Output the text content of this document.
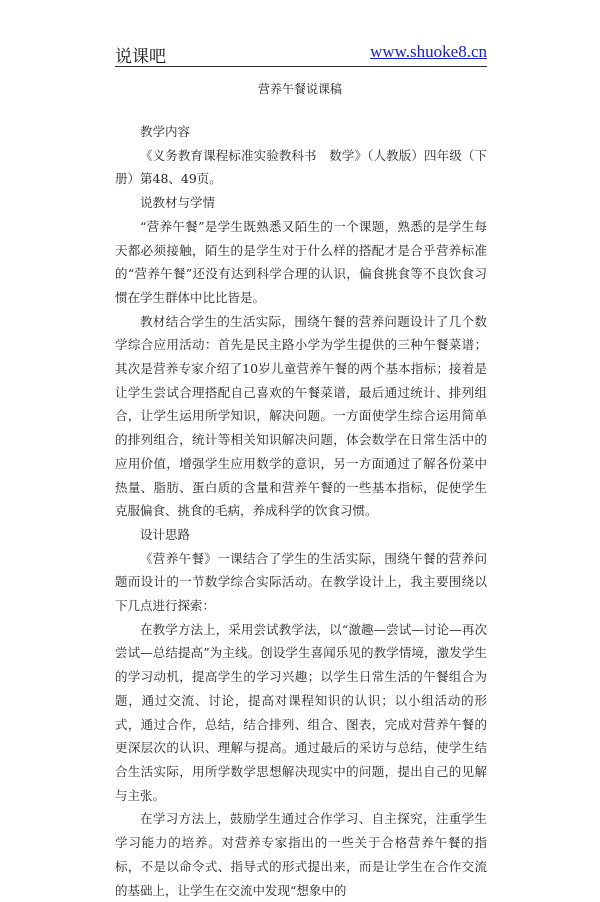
说课吧	www.shuoke8.cn
营养午餐说课稿

教学内容

《义务教育课程标准实验教科书　数学》（人教版）四年级（下册）第48、49页。

说教材与学情

“营养午餐”是学生既熟悉又陌生的一个课题，熟悉的是学生每天都必须接触，陌生的是学生对于什么样的搭配才是合乎营养标准的“营养午餐”还没有达到科学合理的认识，偏食挑食等不良饮食习惯在学生群体中比比皆是。

教材结合学生的生活实际，围绕午餐的营养问题设计了几个数学综合应用活动：首先是民主路小学为学生提供的三种午餐菜谱；其次是营养专家介绍了10岁儿童营养午餐的两个基本指标；接着是让学生尝试合理搭配自己喜欢的午餐菜谱，最后通过统计、排列组合，让学生运用所学知识，解决问题。一方面使学生综合运用简单的排列组合，统计等相关知识解决问题，体会数学在日常生活中的应用价值，增强学生应用数学的意识，另一方面通过了解各份菜中热量、脂肪、蛋白质的含量和营养午餐的一些基本指标，促使学生克服偏食、挑食的毛病，养成科学的饮食习惯。

设计思路

《营养午餐》一课结合了学生的生活实际，围绕午餐的营养问题而设计的一节数学综合实际活动。在教学设计上，我主要围绕以下几点进行探索：

在教学方法上，采用尝试教学法，以“激趣—尝试—讨论—再次尝试—总结提高”为主线。创设学生喜闻乐见的教学情境，激发学生的学习动机，提高学生的学习兴趣；以学生日常生活的午餐组合为题，通过交流、讨论，提高对课程知识的认识；以小组活动的形式，通过合作，总结，结合排列、组合、图表，完成对营养午餐的更深层次的认识、理解与提高。通过最后的采访与总结，使学生结合生活实际，用所学数学思想解决现实中的问题，提出自己的见解与主张。

在学习方法上，鼓励学生通过合作学习、自主探究，注重学生学习能力的培养。对营养专家指出的一些关于合格营养午餐的指标，不是以命令式、指导式的形式提出来，而是让学生在合作交流的基础上，让学生在交流中发现“想象中的
